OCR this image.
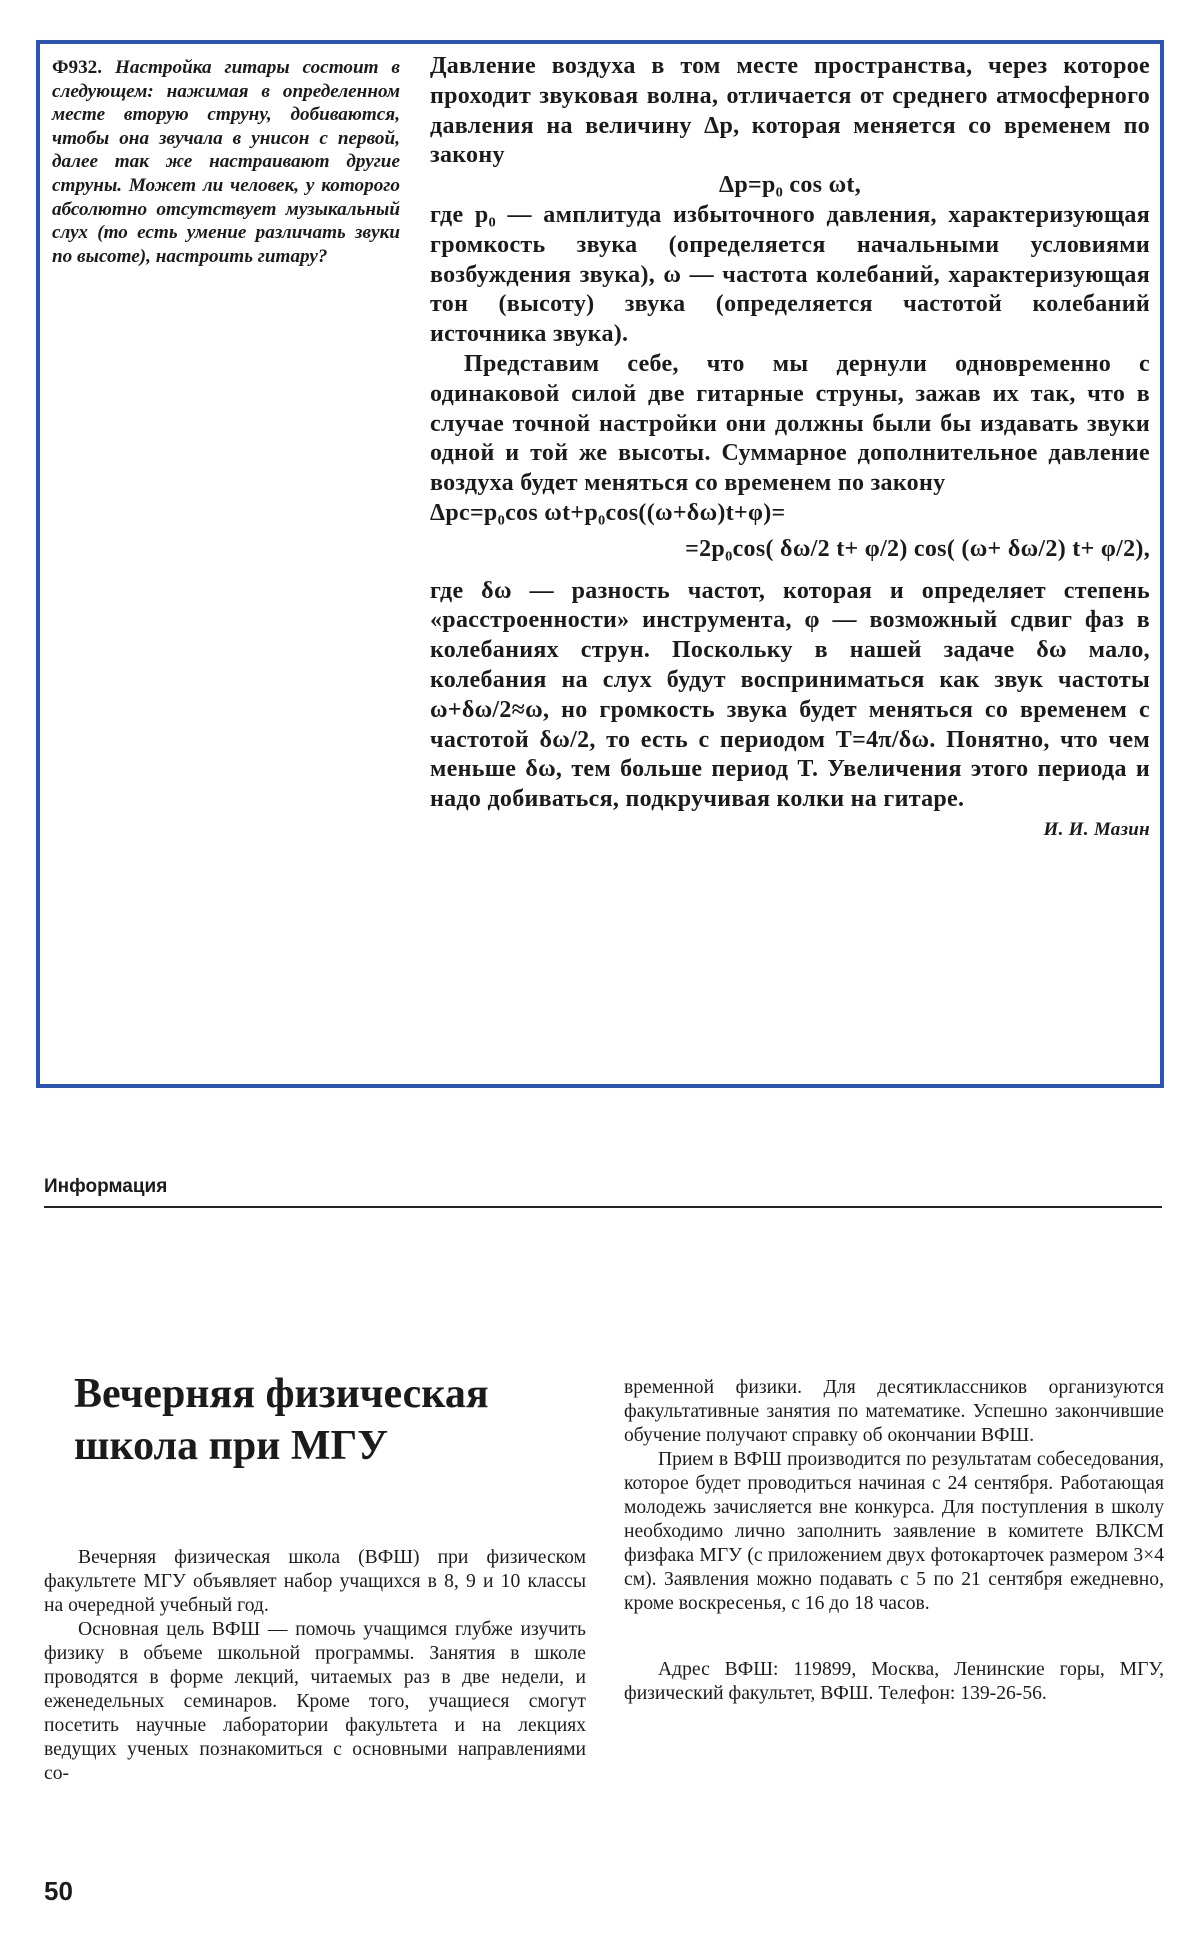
Ф932. Настройка гитары состоит в следующем: нажимая в определенном месте вторую струну, добиваются, чтобы она звучала в унисон с первой, далее так же настраивают другие струны. Может ли человек, у которого абсолютно отсутствует музыкальный слух (то есть умение различать звуки по высоте), настроить гитару?

Давление воздуха в том месте пространства, через которое проходит звуковая волна, отличается от среднего атмосферного давления на величину Δp, которая меняется со временем по закону

Δp=p₀ cos ωt,

где p₀ — амплитуда избыточного давления, характеризующая громкость звука (определяется начальными условиями возбуждения звука), ω — частота колебаний, характеризующая тон (высоту) звука (определяется частотой колебаний источника звука).

Представим себе, что мы дернули одновременно с одинаковой силой две гитарные струны, зажав их так, что в случае точной настройки они должны были бы издавать звуки одной и той же высоты. Суммарное дополнительное давление воздуха будет меняться со временем по закону

Δpс=p₀cos ωt+p₀cos((ω+δω)t+φ)=

=2p₀cos( δω/2 t+ φ/2) cos( (ω+ δω/2) t+ φ/2),

где δω — разность частот, которая и определяет степень «расстроенности» инструмента, φ — возможный сдвиг фаз в колебаниях струн. Поскольку в нашей задаче δω мало, колебания на слух будут восприниматься как звук частоты ω+δω/2≈ω, но громкость звука будет меняться со временем с частотой δω/2, то есть с периодом T=4π/δω. Понятно, что чем меньше δω, тем больше период T. Увеличения этого периода и надо добиваться, подкручивая колки на гитаре.

И. И. Мазин

Информация
Вечерняя физическая школа при МГУ

Вечерняя физическая школа (ВФШ) при физическом факультете МГУ объявляет набор учащихся в 8, 9 и 10 классы на очередной учебный год.

Основная цель ВФШ — помочь учащимся глубже изучить физику в объеме школьной программы. Занятия в школе проводятся в форме лекций, читаемых раз в две недели, и еженедельных семинаров. Кроме того, учащиеся смогут посетить научные лаборатории факультета и на лекциях ведущих ученых познакомиться с основными направлениями со-

временной физики. Для десятиклассников организуются факультативные занятия по математике. Успешно закончившие обучение получают справку об окончании ВФШ.

Прием в ВФШ производится по результатам собеседования, которое будет проводиться начиная с 24 сентября. Работающая молодежь зачисляется вне конкурса. Для поступления в школу необходимо лично заполнить заявление в комитете ВЛКСМ физфака МГУ (с приложением двух фотокарточек размером 3×4 см). Заявления можно подавать с 5 по 21 сентября ежедневно, кроме воскресенья, с 16 до 18 часов.

Адрес ВФШ: 119899, Москва, Ленинские горы, МГУ, физический факультет, ВФШ. Телефон: 139-26-56.

50
